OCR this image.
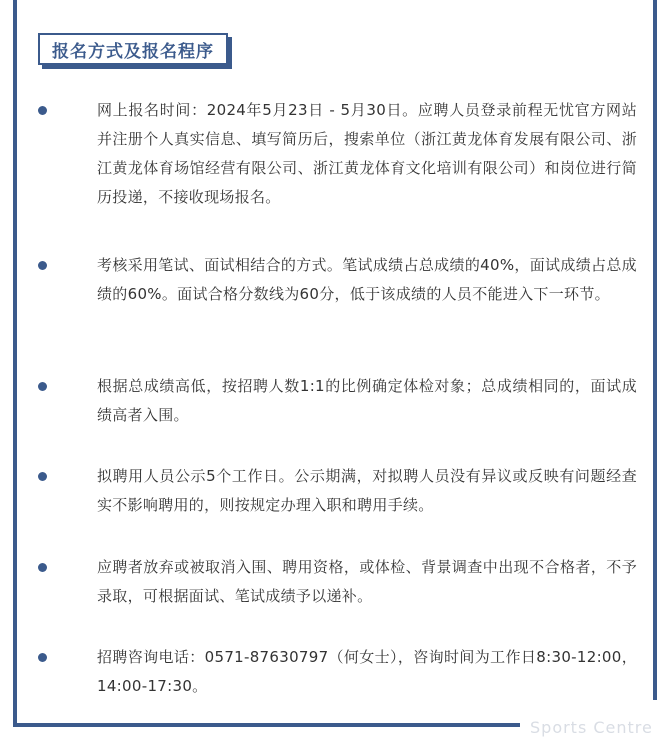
报名方式及报名程序
网上报名时间：2024年5月23日 - 5月30日。应聘人员登录前程无忧官方网站并注册个人真实信息、填写简历后，搜索单位（浙江黄龙体育发展有限公司、浙江黄龙体育场馆经营有限公司、浙江黄龙体育文化培训有限公司）和岗位进行简历投递，不接收现场报名。
考核采用笔试、面试相结合的方式。笔试成绩占总成绩的40%，面试成绩占总成绩的60%。面试合格分数线为60分，低于该成绩的人员不能进入下一环节。
根据总成绩高低，按招聘人数1:1的比例确定体检对象；总成绩相同的，面试成绩高者入围。
拟聘用人员公示5个工作日。公示期满，对拟聘人员没有异议或反映有问题经查实不影响聘用的，则按规定办理入职和聘用手续。
应聘者放弃或被取消入围、聘用资格，或体检、背景调查中出现不合格者，不予录取，可根据面试、笔试成绩予以递补。
招聘咨询电话：0571-87630797（何女士），咨询时间为工作日8:30-12:00，14:00-17:30。
Sports Centre
